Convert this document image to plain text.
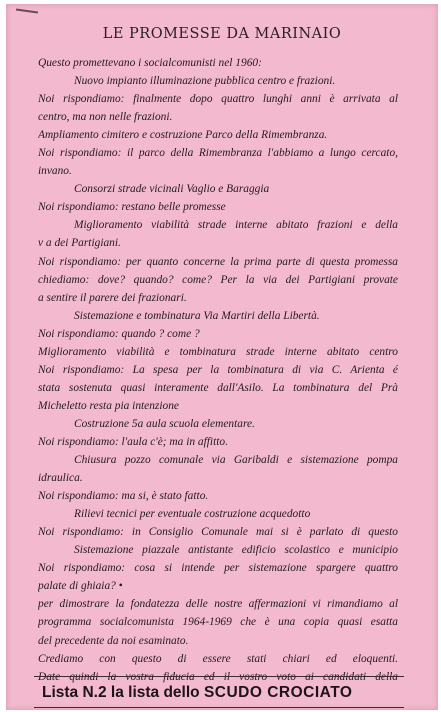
LE PROMESSE DA MARINAIO
Questo promettevano i socialcomunisti nel 1960:
Nuovo impianto illuminazione pubblica centro e frazioni.
Noi rispondiamo: finalmente dopo quattro lunghi anni è arrivata al
centro, ma non nelle frazioni.
Ampliamento cimitero e costruzione Parco della Rimembranza.
Noi rispondiamo: il parco della Rimembranza l'abbiamo a lungo cercato,
invano.
Consorzi strade vicinali Vaglio e Baraggia
Noi rispondiamo: restano belle promesse
Miglioramento viabilità strade interne abitato frazioni e della
v a dei Partigiani.
Noi rispondiamo: per quanto concerne la prima parte di questa promessa
chiediamo: dove? quando? come? Per la via dei Partigiani provate
a sentire il parere dei frazionari.
Sistemazione e tombinatura Via Martiri della Libertà.
Noi rispondiamo: quando ? come ?
Miglioramento viabilità e tombinatura strade interne abitato centro
Noi rispondiamo: La spesa per la tombinatura di via C. Arienta é
stata sostenuta quasi interamente dall'Asilo. La tombinatura del Prà
Micheletto resta pia intenzione
Costruzione 5a aula scuola elementare.
Noi rispondiamo: l'aula c'è; ma in affitto.
Chiusura pozzo comunale via Garibaldi e sistemazione pompa
idraulica.
Noi rispondiamo: ma si, è stato fatto.
Rilievi tecnici per eventuale costruzione acquedotto
Noi rispondiamo: in Consiglio Comunale mai si è parlato di questo
Sistemazione piazzale antistante edificio scolastico e municipio
Noi rispondiamo: cosa si intende per sistemazione spargere quattro
palate di ghiaia? •
per dimostrare la fondatezza delle nostre affermazioni vi rimandiamo al
programma socialcomunista 1964-1969 che è una copia quasi esatta
del precedente da noi esaminato.
Crediamo con questo di essere stati chiari ed eloquenti.
Lista N.2 la lista dello SCUDO CROCIATO
